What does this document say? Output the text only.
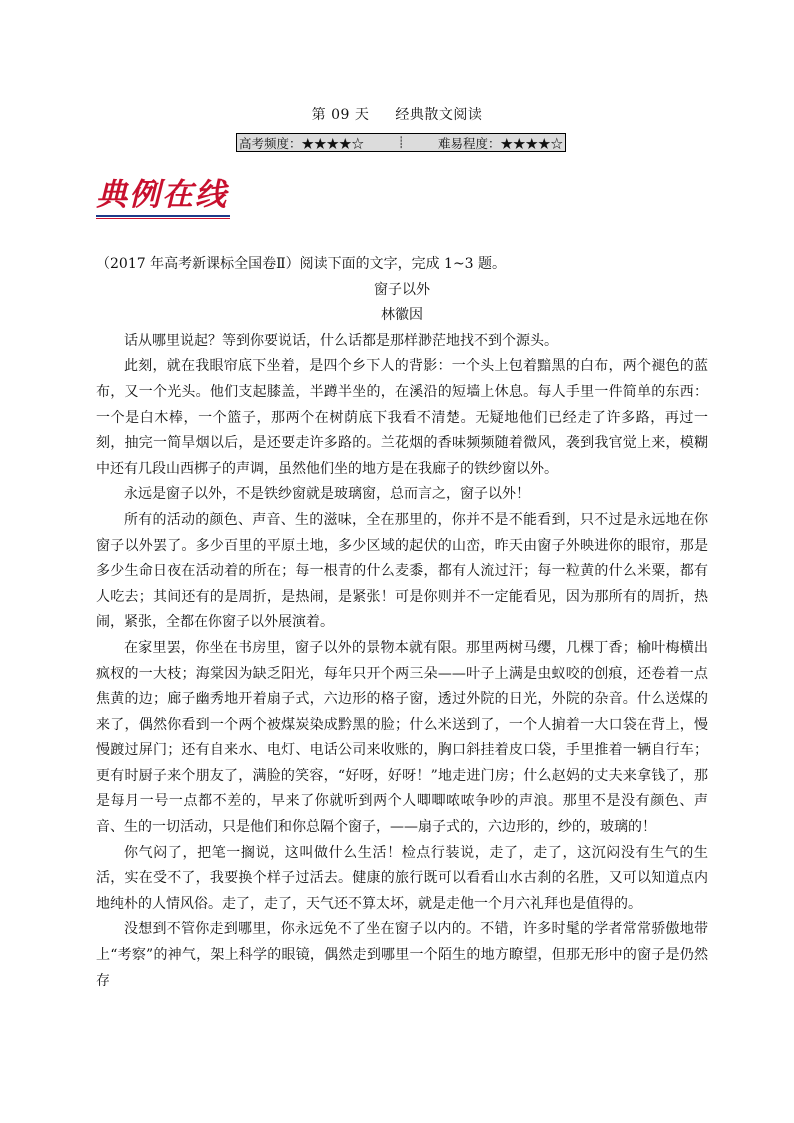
第 09 天 经典散文阅读
高考频度：★★★★☆	┊	难易程度：★★★★☆
典例在线

（2017 年高考新课标全国卷Ⅱ）阅读下面的文字，完成 1~3 题。

窗子以外

林徽因

话从哪里说起？等到你要说话，什么话都是那样渺茫地找不到个源头。

此刻，就在我眼帘底下坐着，是四个乡下人的背影：一个头上包着黯黑的白布，两个褪色的蓝布，又一个光头。他们支起膝盖，半蹲半坐的，在溪沿的短墙上休息。每人手里一件简单的东西：一个是白木棒，一个篮子，那两个在树荫底下我看不清楚。无疑地他们已经走了许多路，再过一刻，抽完一简旱烟以后，是还要走许多路的。兰花烟的香味频频随着微风，袭到我官觉上来，模糊中还有几段山西梆子的声调，虽然他们坐的地方是在我廊子的铁纱窗以外。

永远是窗子以外，不是铁纱窗就是玻璃窗，总而言之，窗子以外！

所有的活动的颜色、声音、生的滋味，全在那里的，你并不是不能看到，只不过是永远地在你窗子以外罢了。多少百里的平原土地，多少区域的起伏的山峦，昨天由窗子外映进你的眼帘，那是多少生命日夜在活动着的所在；每一根青的什么麦黍，都有人流过汗；每一粒黄的什么米粟，都有人吃去；其间还有的是周折，是热闹，是紧张！可是你则并不一定能看见，因为那所有的周折，热闹，紧张，全都在你窗子以外展演着。

在家里罢，你坐在书房里，窗子以外的景物本就有限。那里两树马缨，几棵丁香；榆叶梅横出疯杈的一大枝；海棠因为缺乏阳光，每年只开个两三朵——叶子上满是虫蚁咬的创痕，还卷着一点焦黄的边；廊子幽秀地开着扇子式，六边形的格子窗，透过外院的日光，外院的杂音。什么送煤的来了，偶然你看到一个两个被煤炭染成黔黑的脸；什么米送到了，一个人掮着一大口袋在背上，慢慢踱过屏门；还有自来水、电灯、电话公司来收账的，胸口斜挂着皮口袋，手里推着一辆自行车；更有时厨子来个朋友了，满脸的笑容，“好呀，好呀！”地走进门房；什么赵妈的丈夫来拿钱了，那是每月一号一点都不差的，早来了你就听到两个人唧唧哝哝争吵的声浪。那里不是没有颜色、声音、生的一切活动，只是他们和你总隔个窗子，——扇子式的，六边形的，纱的，玻璃的！

你气闷了，把笔一搁说，这叫做什么生活！检点行装说，走了，走了，这沉闷没有生气的生活，实在受不了，我要换个样子过活去。健康的旅行既可以看看山水古刹的名胜，又可以知道点内地纯朴的人情风俗。走了，走了，天气还不算太坏，就是走他一个月六礼拜也是值得的。

没想到不管你走到哪里，你永远免不了坐在窗子以内的。不错，许多时髦的学者常常骄傲地带上“考察”的神气，架上科学的眼镜，偶然走到哪里一个陌生的地方瞭望，但那无形中的窗子是仍然存
